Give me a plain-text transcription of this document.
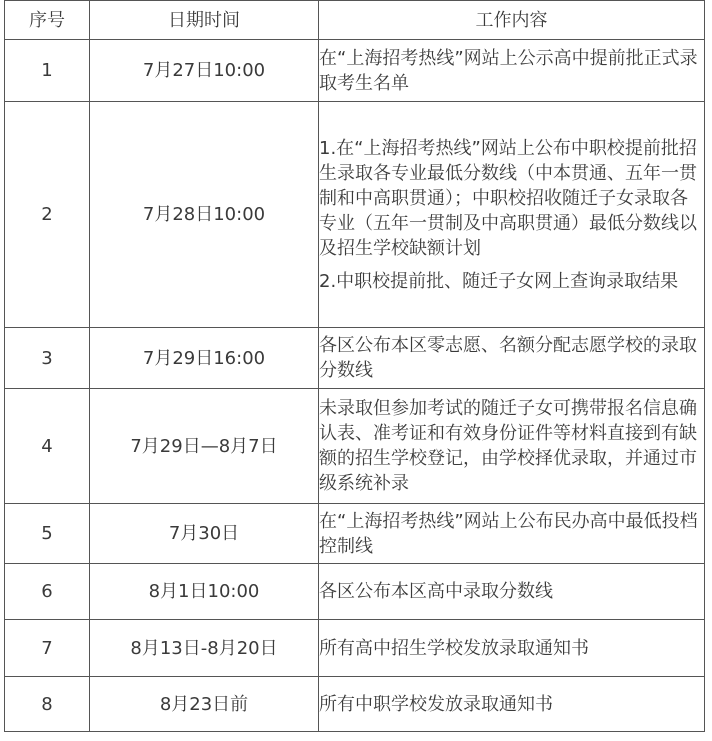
序号	日期时间	工作内容
1	7月27日10:00	在“上海招考热线”网站上公示高中提前批正式录取考生名单

2	7月28日10:00	1.在“上海招考热线”网站上公布中职校提前批招生录取各专业最低分数线（中本贯通、五年一贯制和中高职贯通）；中职校招收随迁子女录取各专业（五年一贯制及中高职贯通）最低分数线以及招生学校缺额计划

2.中职校提前批、随迁子女网上查询录取结果

3	7月29日16:00	各区公布本区零志愿、名额分配志愿学校的录取分数线

4	7月29日—8月7日	未录取但参加考试的随迁子女可携带报名信息确认表、准考证和有效身份证件等材料直接到有缺额的招生学校登记，由学校择优录取，并通过市级系统补录

5	7月30日	在“上海招考热线”网站上公布民办高中最低投档控制线

6	8月1日10:00	各区公布本区高中录取分数线

7	8月13日-8月20日	所有高中招生学校发放录取通知书

8	8月23日前	所有中职学校发放录取通知书
